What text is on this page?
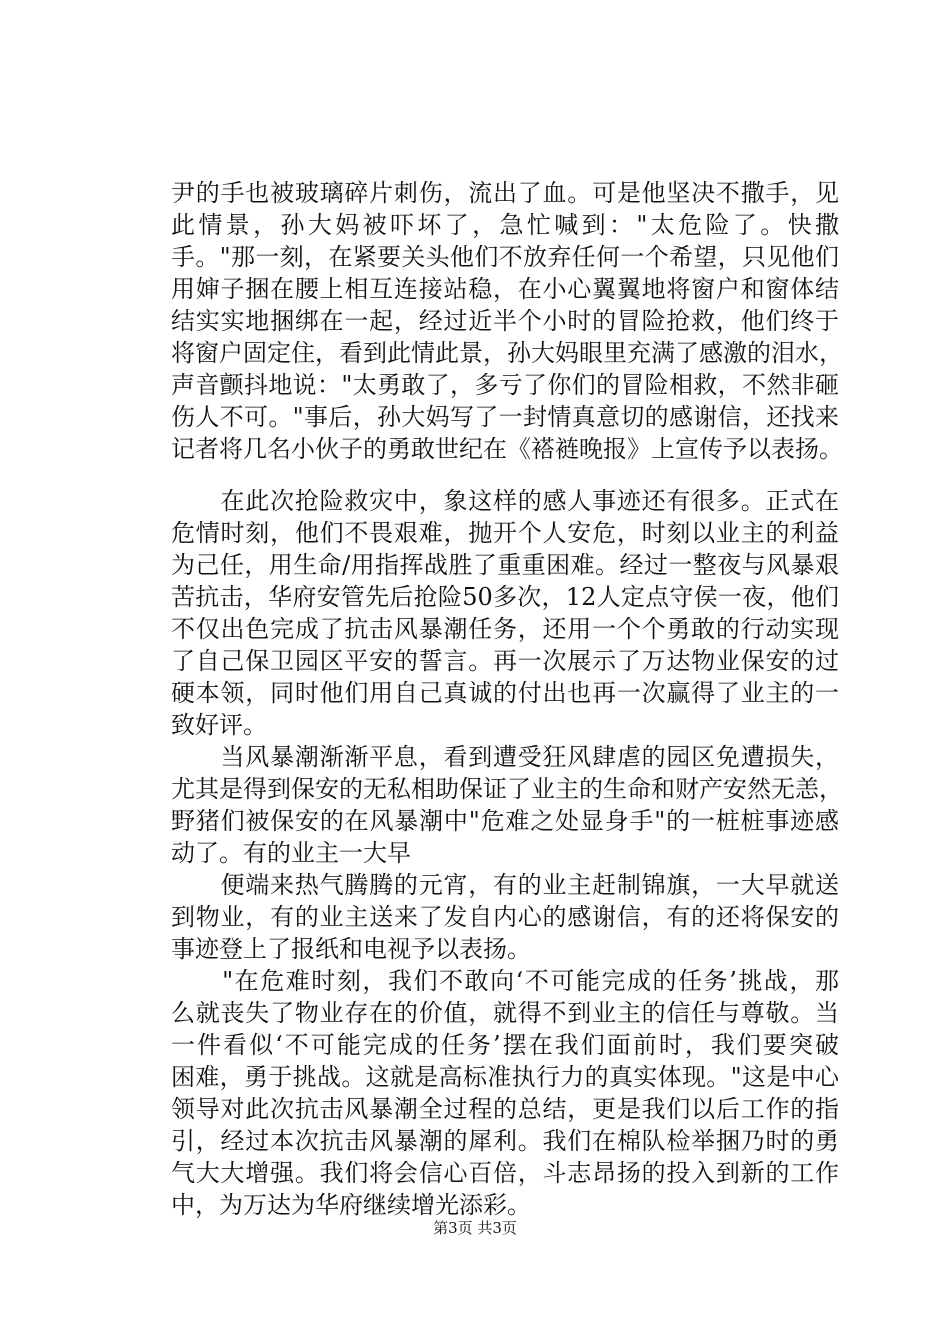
尹的手也被玻璃碎片刺伤，流出了血。可是他坚决不撒手，见
此情景，孙大妈被吓坏了，急忙喊到："太危险了。快撒
手。"那一刻，在紧要关头他们不放弃任何一个希望，只见他们
用婶子捆在腰上相互连接站稳，在小心翼翼地将窗户和窗体结
结实实地捆绑在一起，经过近半个小时的冒险抢救，他们终于
将窗户固定住，看到此情此景，孙大妈眼里充满了感激的泪水，
声音颤抖地说："太勇敢了，多亏了你们的冒险相救，不然非砸
伤人不可。"事后，孙大妈写了一封情真意切的感谢信，还找来
记者将几名小伙子的勇敢世纪在《褡裢晚报》上宣传予以表扬。
　　在此次抢险救灾中，象这样的感人事迹还有很多。正式在
危情时刻，他们不畏艰难，抛开个人安危，时刻以业主的利益
为己任，用生命/用指挥战胜了重重困难。经过一整夜与风暴艰
苦抗击，华府安管先后抢险50多次，12人定点守侯一夜，他们
不仅出色完成了抗击风暴潮任务，还用一个个勇敢的行动实现
了自己保卫园区平安的誓言。再一次展示了万达物业保安的过
硬本领，同时他们用自己真诚的付出也再一次赢得了业主的一
致好评。
　　当风暴潮渐渐平息，看到遭受狂风肆虐的园区免遭损失，
尤其是得到保安的无私相助保证了业主的生命和财产安然无恙，
野猪们被保安的在风暴潮中"危难之处显身手"的一桩桩事迹感
动了。有的业主一大早
　　便端来热气腾腾的元宵，有的业主赶制锦旗，一大早就送
到物业，有的业主送来了发自内心的感谢信，有的还将保安的
事迹登上了报纸和电视予以表扬。
　　"在危难时刻，我们不敢向‘不可能完成的任务’挑战，那
么就丧失了物业存在的价值，就得不到业主的信任与尊敬。当
一件看似‘不可能完成的任务’摆在我们面前时，我们要突破
困难，勇于挑战。这就是高标准执行力的真实体现。"这是中心
领导对此次抗击风暴潮全过程的总结，更是我们以后工作的指
引，经过本次抗击风暴潮的犀利。我们在棉队检举捆乃时的勇
气大大增强。我们将会信心百倍，斗志昂扬的投入到新的工作
中，为万达为华府继续增光添彩。
第3页 共3页
